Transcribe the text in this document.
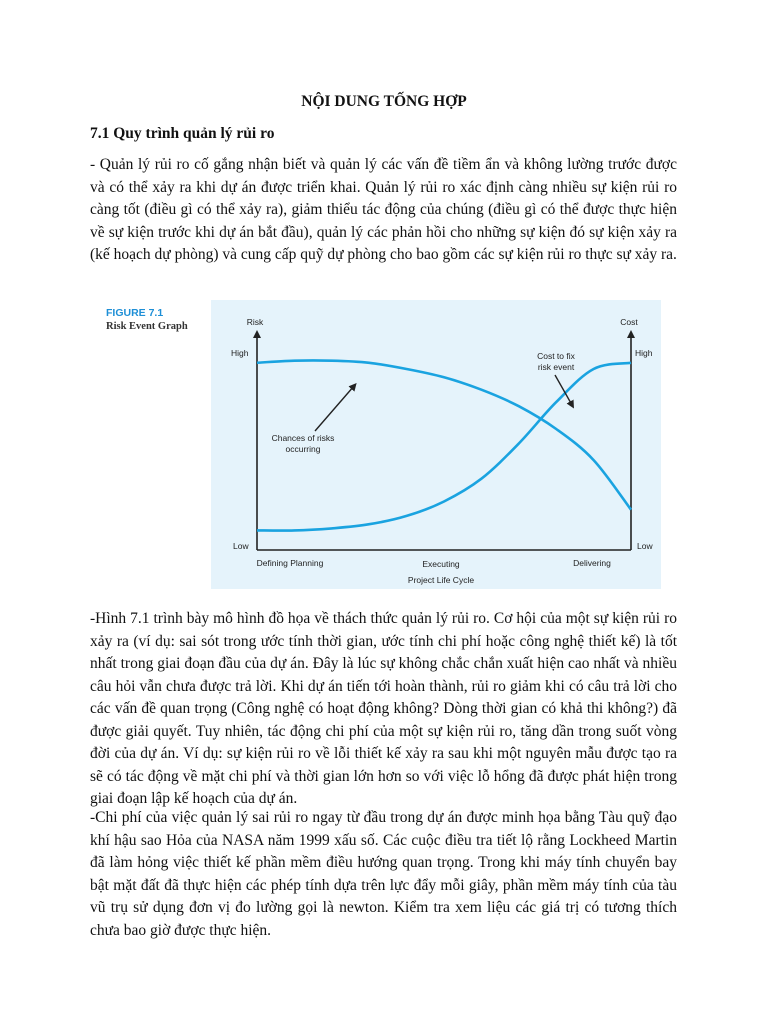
NỘI DUNG TỐNG HỢP
7.1 Quy trình quản lý rủi ro

- Quản lý rủi ro cố gắng nhận biết và quản lý các vấn đề tiềm ẩn và không lường trước được và có thể xảy ra khi dự án được triển khai. Quản lý rủi ro xác định càng nhiều sự kiện rủi ro càng tốt (điều gì có thể xảy ra), giảm thiểu tác động của chúng (điều gì có thể được thực hiện về sự kiện trước khi dự án bắt đầu), quản lý các phản hồi cho những sự kiện đó sự kiện xảy ra (kế hoạch dự phòng) và cung cấp quỹ dự phòng cho bao gồm các sự kiện rủi ro thực sự xảy ra.

FIGURE 7.1
Risk Event Graph	Risk	Cost
High
Low
High
Low
Defining Planning	Executing	Delivering
Project Life Cycle
Chances of risks
occurring
Cost to fix
risk event

-Hình 7.1 trình bày mô hình đồ họa về thách thức quản lý rủi ro. Cơ hội của một sự kiện rủi ro xảy ra (ví dụ: sai sót trong ước tính thời gian, ước tính chi phí hoặc công nghệ thiết kế) là tốt nhất trong giai đoạn đầu của dự án. Đây là lúc sự không chắc chắn xuất hiện cao nhất và nhiều câu hỏi vẫn chưa được trả lời. Khi dự án tiến tới hoàn thành, rủi ro giảm khi có câu trả lời cho các vấn đề quan trọng (Công nghệ có hoạt động không? Dòng thời gian có khả thi không?) đã được giải quyết. Tuy nhiên, tác động chi phí của một sự kiện rủi ro, tăng dần trong suốt vòng đời của dự án. Ví dụ: sự kiện rủi ro về lỗi thiết kế xảy ra sau khi một nguyên mẫu được tạo ra sẽ có tác động về mặt chi phí và thời gian lớn hơn so với việc lỗ hổng đã được phát hiện trong giai đoạn lập kế hoạch của dự án.

-Chi phí của việc quản lý sai rủi ro ngay từ đầu trong dự án được minh họa bằng Tàu quỹ đạo khí hậu sao Hỏa của NASA năm 1999 xấu số. Các cuộc điều tra tiết lộ rằng Lockheed Martin đã làm hỏng việc thiết kế phần mềm điều hướng quan trọng. Trong khi máy tính chuyển bay bật mặt đất đã thực hiện các phép tính dựa trên lực đẩy mỗi giây, phần mềm máy tính của tàu vũ trụ sử dụng đơn vị đo lường gọi là newton. Kiểm tra xem liệu các giá trị có tương thích chưa bao giờ được thực hiện.
